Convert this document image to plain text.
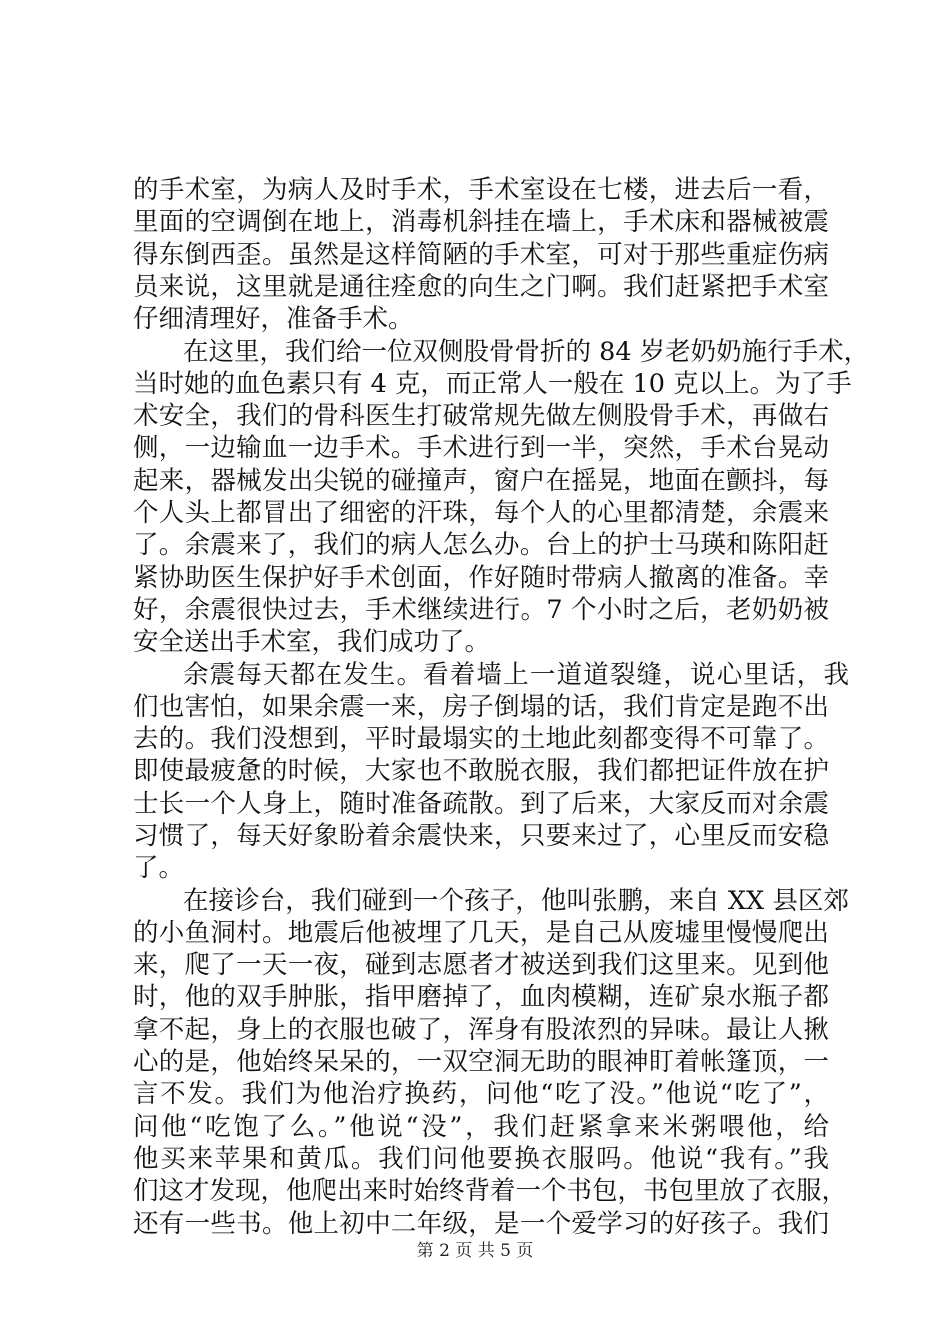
的手术室，为病人及时手术，手术室设在七楼，进去后一看，
里面的空调倒在地上，消毒机斜挂在墙上，手术床和器械被震
得东倒西歪。虽然是这样简陋的手术室，可对于那些重症伤病
员来说，这里就是通往痊愈的向生之门啊。我们赶紧把手术室
仔细清理好，准备手术。
在这里，我们给一位双侧股骨骨折的 84 岁老奶奶施行手术，
当时她的血色素只有 4 克，而正常人一般在 10 克以上。为了手
术安全，我们的骨科医生打破常规先做左侧股骨手术，再做右
侧，一边输血一边手术。手术进行到一半，突然，手术台晃动
起来，器械发出尖锐的碰撞声，窗户在摇晃，地面在颤抖，每
个人头上都冒出了细密的汗珠，每个人的心里都清楚，余震来
了。余震来了，我们的病人怎么办。台上的护士马瑛和陈阳赶
紧协助医生保护好手术创面，作好随时带病人撤离的准备。幸
好，余震很快过去，手术继续进行。7 个小时之后，老奶奶被
安全送出手术室，我们成功了。
余震每天都在发生。看着墙上一道道裂缝，说心里话，我
们也害怕，如果余震一来，房子倒塌的话，我们肯定是跑不出
去的。我们没想到，平时最塌实的土地此刻都变得不可靠了。
即使最疲惫的时候，大家也不敢脱衣服，我们都把证件放在护
士长一个人身上，随时准备疏散。到了后来，大家反而对余震
习惯了，每天好象盼着余震快来，只要来过了，心里反而安稳
了。
在接诊台，我们碰到一个孩子，他叫张鹏，来自 XX 县区郊
的小鱼洞村。地震后他被埋了几天，是自己从废墟里慢慢爬出
来，爬了一天一夜，碰到志愿者才被送到我们这里来。见到他
时，他的双手肿胀，指甲磨掉了，血肉模糊，连矿泉水瓶子都
拿不起，身上的衣服也破了，浑身有股浓烈的异味。最让人揪
心的是，他始终呆呆的，一双空洞无助的眼神盯着帐篷顶，一
言不发。我们为他治疗换药，问他“吃了没。”他说“吃了”，
问他“吃饱了么。”他说“没”，我们赶紧拿来米粥喂他，给
他买来苹果和黄瓜。我们问他要换衣服吗。他说“我有。”我
们这才发现，他爬出来时始终背着一个书包，书包里放了衣服，
还有一些书。他上初中二年级，是一个爱学习的好孩子。我们
第 2 页 共 5 页
